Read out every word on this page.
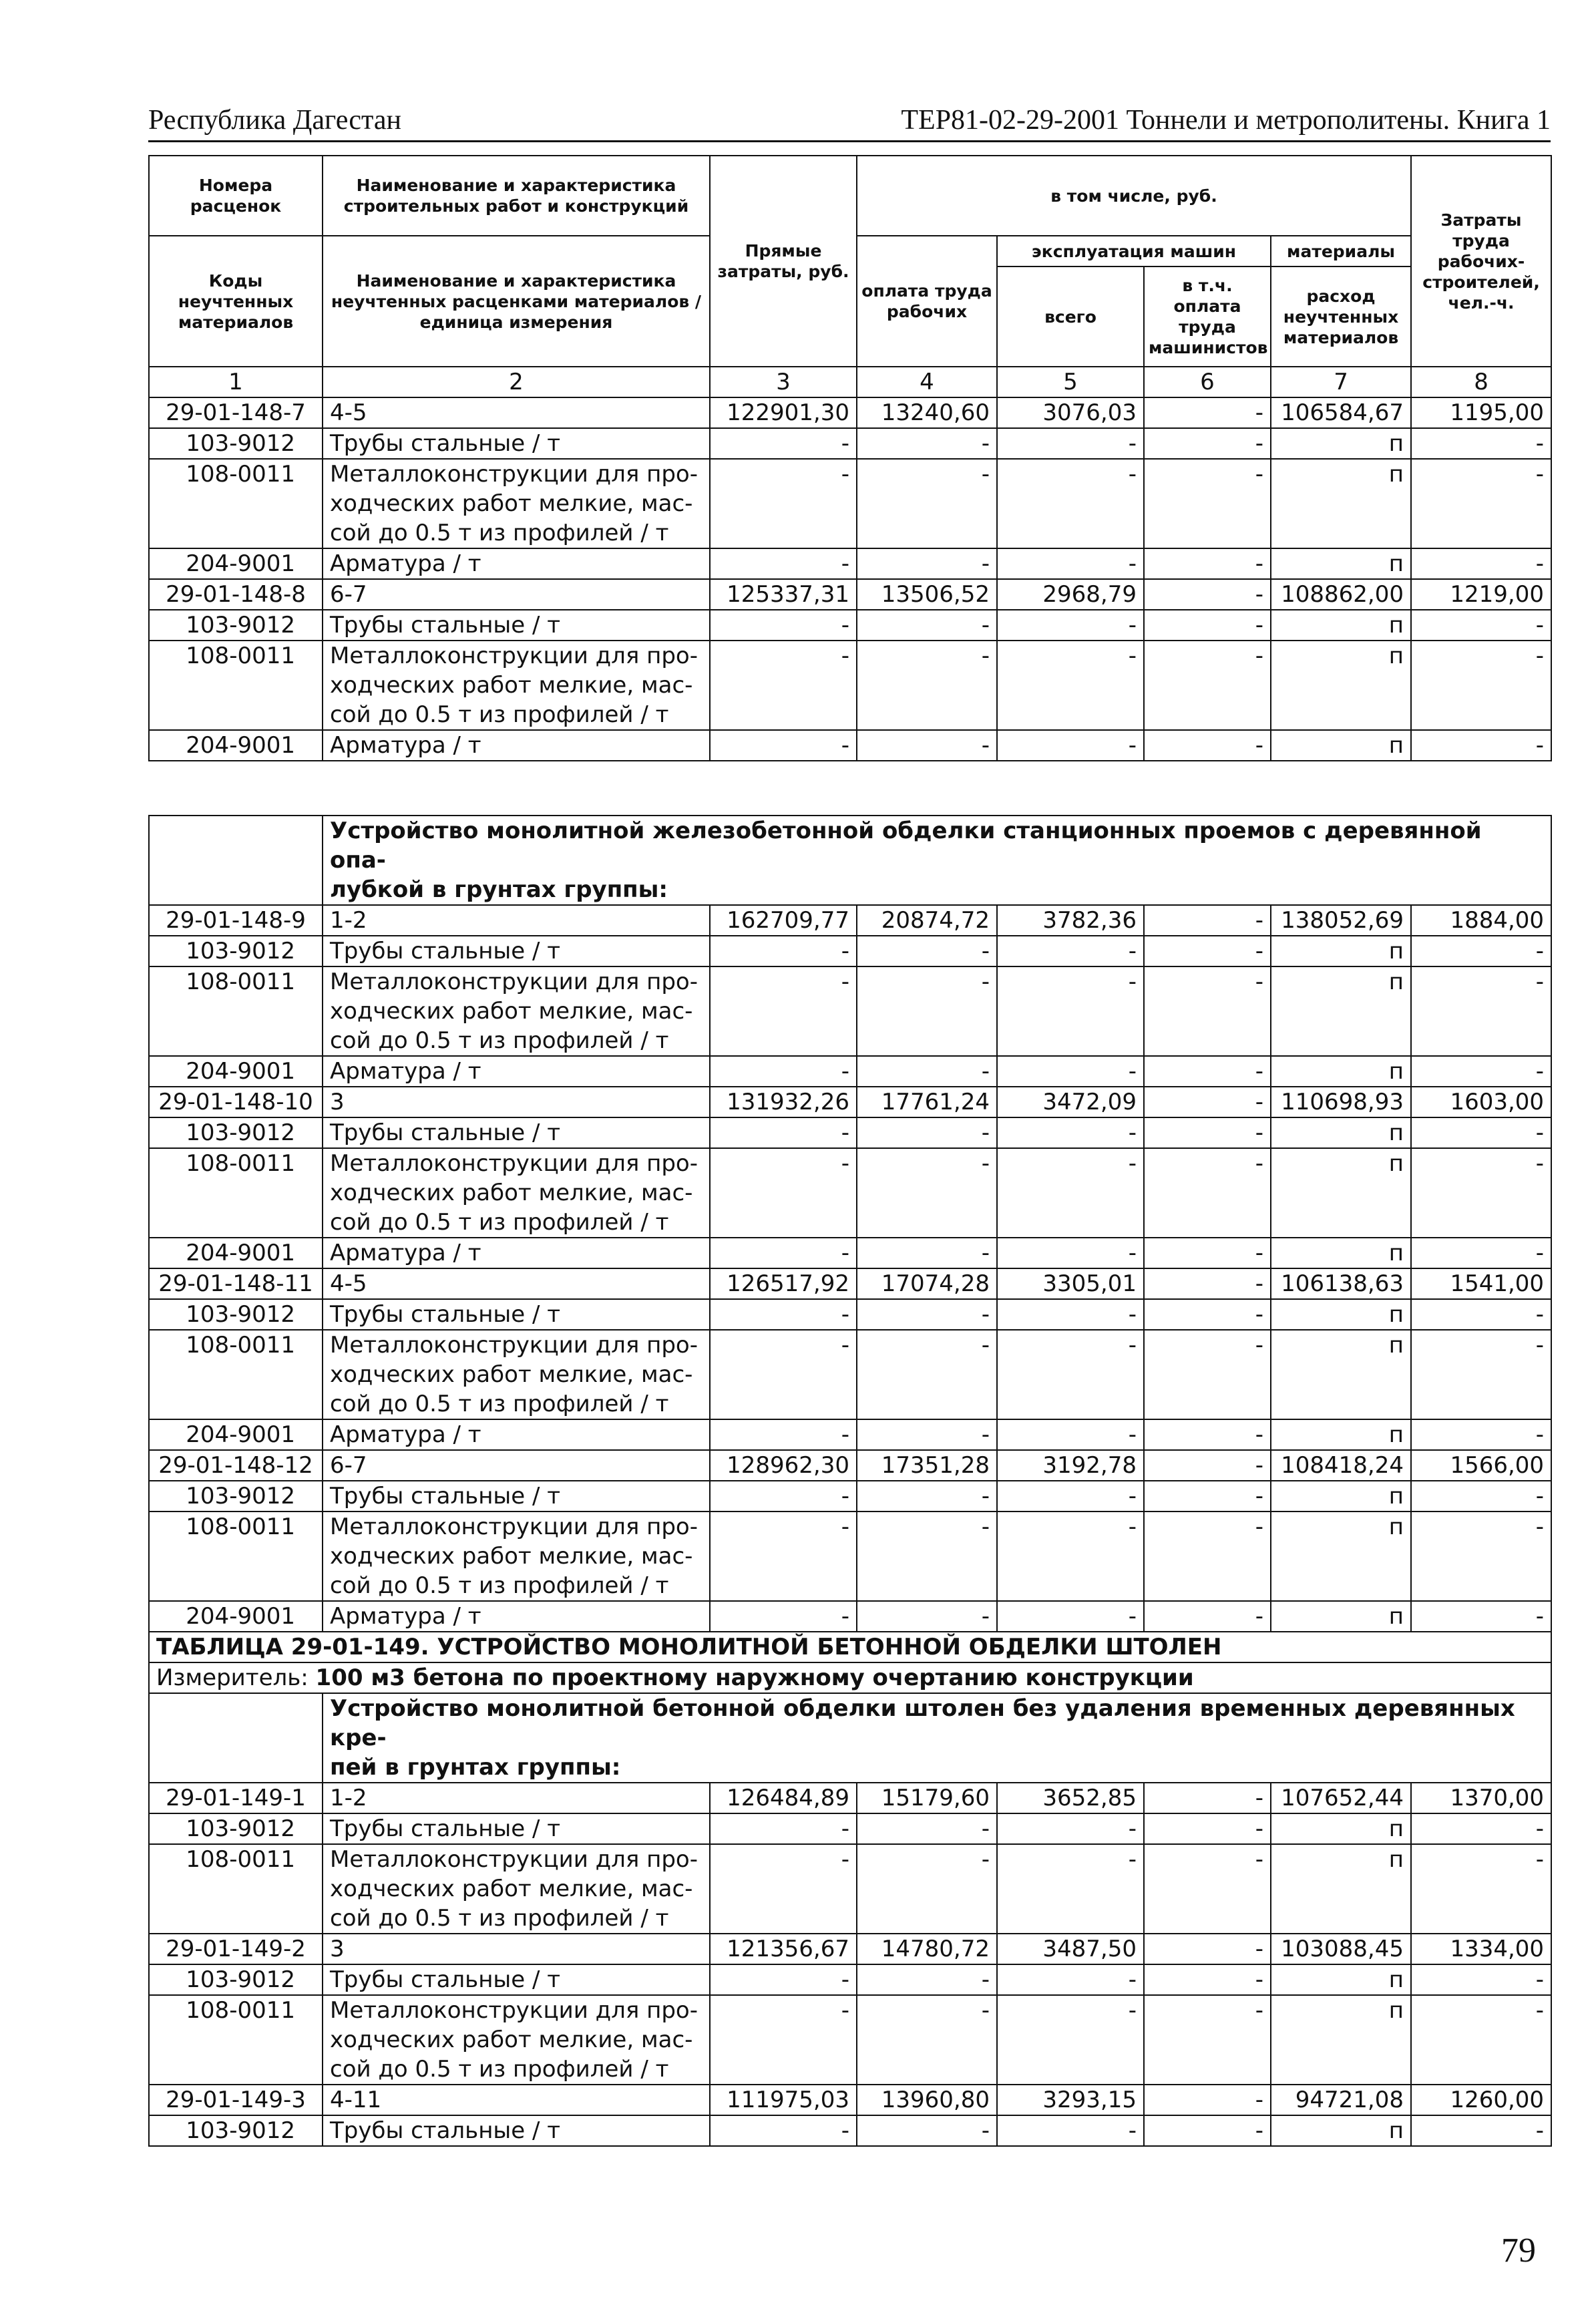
Республика Дагестан	ТЕР81-02-29-2001 Тоннели и метрополитены. Книга 1
Номера расценок	Наименование и характеристика строительных работ и конструкций	Прямые затраты, руб.	в том числе, руб.				Затраты труда рабочих-строителей, чел.-ч.
Коды неучтенных материалов	Наименование и характеристика неучтенных расценками материалов / единица измерения		оплата труда рабочих	эксплуатация машин		материалы	
				всего	в т.ч. оплата труда машинистов	расход неучтенных материалов	
1	2	3	4	5	6	7	8
29-01-148-7	4-5	122901,30	13240,60	3076,03	-	106584,67	1195,00
103-9012	Трубы стальные / т	-	-	-	-	п	-
108-0011	Металлоконструкции для про-
ходческих работ мелкие, мас-
сой до 0.5 т из профилей / т	-	-	-	-	п	-
204-9001	Арматура / т	-	-	-	-	п	-
29-01-148-8	6-7	125337,31	13506,52	2968,79	-	108862,00	1219,00
103-9012	Трубы стальные / т	-	-	-	-	п	-
108-0011	Металлоконструкции для про-
ходческих работ мелкие, мас-
сой до 0.5 т из профилей / т	-	-	-	-	п	-
204-9001	Арматура / т	-	-	-	-	п	-

	Устройство монолитной железобетонной обделки станционных проемов с деревянной опа-
лубкой в грунтах группы:						

29-01-148-9	1-2	162709,77	20874,72	3782,36	-	138052,69	1884,00
103-9012	Трубы стальные / т	-	-	-	-	п	-
108-0011	Металлоконструкции для про-
ходческих работ мелкие, мас-
сой до 0.5 т из профилей / т	-	-	-	-	п	-
204-9001	Арматура / т	-	-	-	-	п	-
29-01-148-10	3	131932,26	17761,24	3472,09	-	110698,93	1603,00
103-9012	Трубы стальные / т	-	-	-	-	п	-
108-0011	Металлоконструкции для про-
ходческих работ мелкие, мас-
сой до 0.5 т из профилей / т	-	-	-	-	п	-
204-9001	Арматура / т	-	-	-	-	п	-
29-01-148-11	4-5	126517,92	17074,28	3305,01	-	106138,63	1541,00
103-9012	Трубы стальные / т	-	-	-	-	п	-
108-0011	Металлоконструкции для про-
ходческих работ мелкие, мас-
сой до 0.5 т из профилей / т	-	-	-	-	п	-
204-9001	Арматура / т	-	-	-	-	п	-
29-01-148-12	6-7	128962,30	17351,28	3192,78	-	108418,24	1566,00
103-9012	Трубы стальные / т	-	-	-	-	п	-
108-0011	Металлоконструкции для про-
ходческих работ мелкие, мас-
сой до 0.5 т из профилей / т	-	-	-	-	п	-
204-9001	Арматура / т	-	-	-	-	п	-
ТАБЛИЦА 29-01-149. УСТРОЙСТВО МОНОЛИТНОЙ БЕТОННОЙ ОБДЕЛКИ ШТОЛЕН							
Измеритель: 100 м3 бетона по проектному наружному очертанию конструкции							

	Устройство монолитной бетонной обделки штолен без удаления временных деревянных кре-
пей в грунтах группы:						

29-01-149-1	1-2	126484,89	15179,60	3652,85	-	107652,44	1370,00
103-9012	Трубы стальные / т	-	-	-	-	п	-
108-0011	Металлоконструкции для про-
ходческих работ мелкие, мас-
сой до 0.5 т из профилей / т	-	-	-	-	п	-
29-01-149-2	3	121356,67	14780,72	3487,50	-	103088,45	1334,00
103-9012	Трубы стальные / т	-	-	-	-	п	-
108-0011	Металлоконструкции для про-
ходческих работ мелкие, мас-
сой до 0.5 т из профилей / т	-	-	-	-	п	-
29-01-149-3	4-11	111975,03	13960,80	3293,15	-	94721,08	1260,00
103-9012	Трубы стальные / т	-	-	-	-	п	-
79
